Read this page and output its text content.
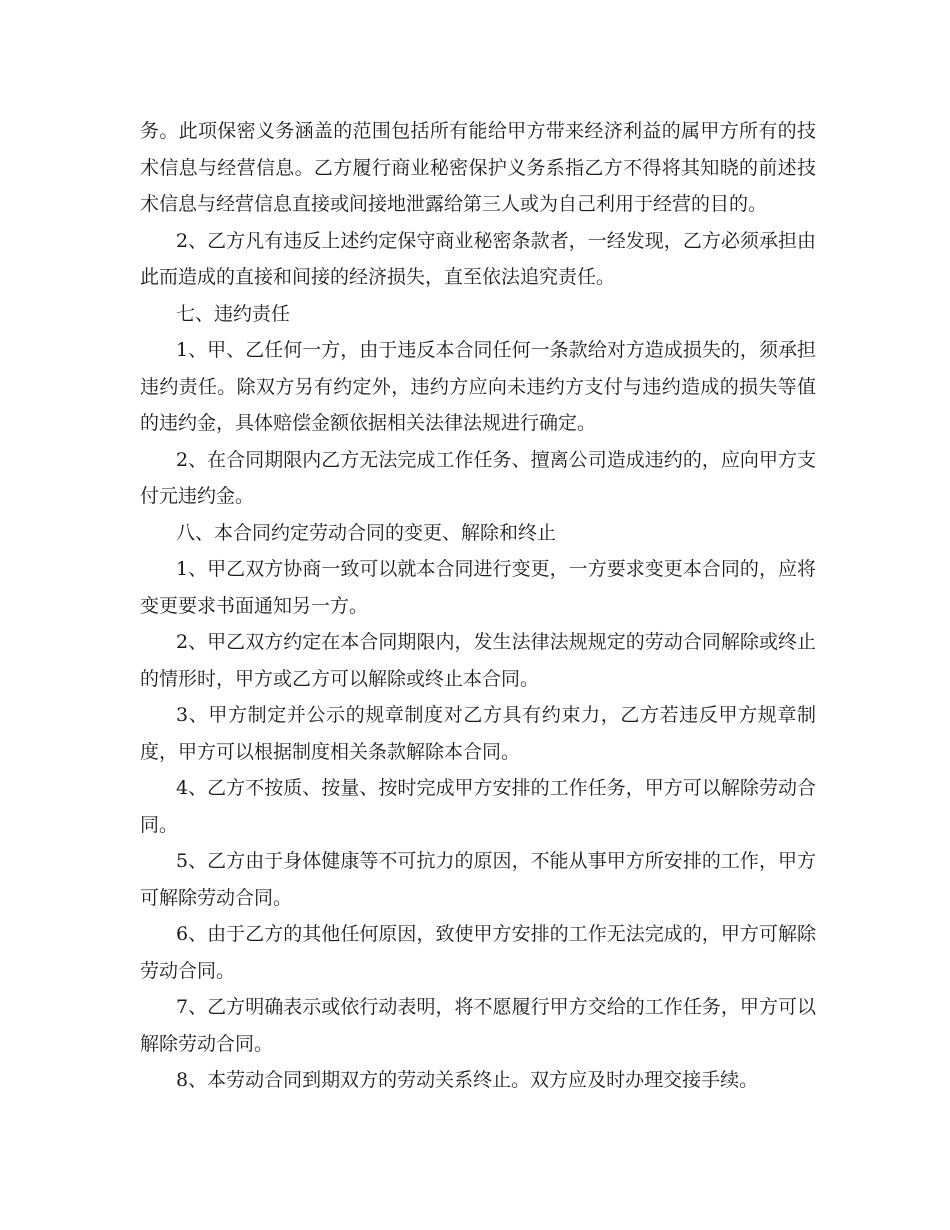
务。此项保密义务涵盖的范围包括所有能给甲方带来经济利益的属甲方所有的技术信息与经营信息。乙方履行商业秘密保护义务系指乙方不得将其知晓的前述技术信息与经营信息直接或间接地泄露给第三人或为自己利用于经营的目的。

2、乙方凡有违反上述约定保守商业秘密条款者，一经发现，乙方必须承担由此而造成的直接和间接的经济损失，直至依法追究责任。

七、违约责任

1、甲、乙任何一方，由于违反本合同任何一条款给对方造成损失的，须承担违约责任。除双方另有约定外，违约方应向未违约方支付与违约造成的损失等值的违约金，具体赔偿金额依据相关法律法规进行确定。

2、在合同期限内乙方无法完成工作任务、擅离公司造成违约的，应向甲方支付元违约金。

八、本合同约定劳动合同的变更、解除和终止

1、甲乙双方协商一致可以就本合同进行变更，一方要求变更本合同的，应将变更要求书面通知另一方。

2、甲乙双方约定在本合同期限内，发生法律法规规定的劳动合同解除或终止的情形时，甲方或乙方可以解除或终止本合同。

3、甲方制定并公示的规章制度对乙方具有约束力，乙方若违反甲方规章制度，甲方可以根据制度相关条款解除本合同。

4、乙方不按质、按量、按时完成甲方安排的工作任务，甲方可以解除劳动合同。

5、乙方由于身体健康等不可抗力的原因，不能从事甲方所安排的工作，甲方可解除劳动合同。

6、由于乙方的其他任何原因，致使甲方安排的工作无法完成的，甲方可解除劳动合同。

7、乙方明确表示或依行动表明，将不愿履行甲方交给的工作任务，甲方可以解除劳动合同。

8、本劳动合同到期双方的劳动关系终止。双方应及时办理交接手续。
